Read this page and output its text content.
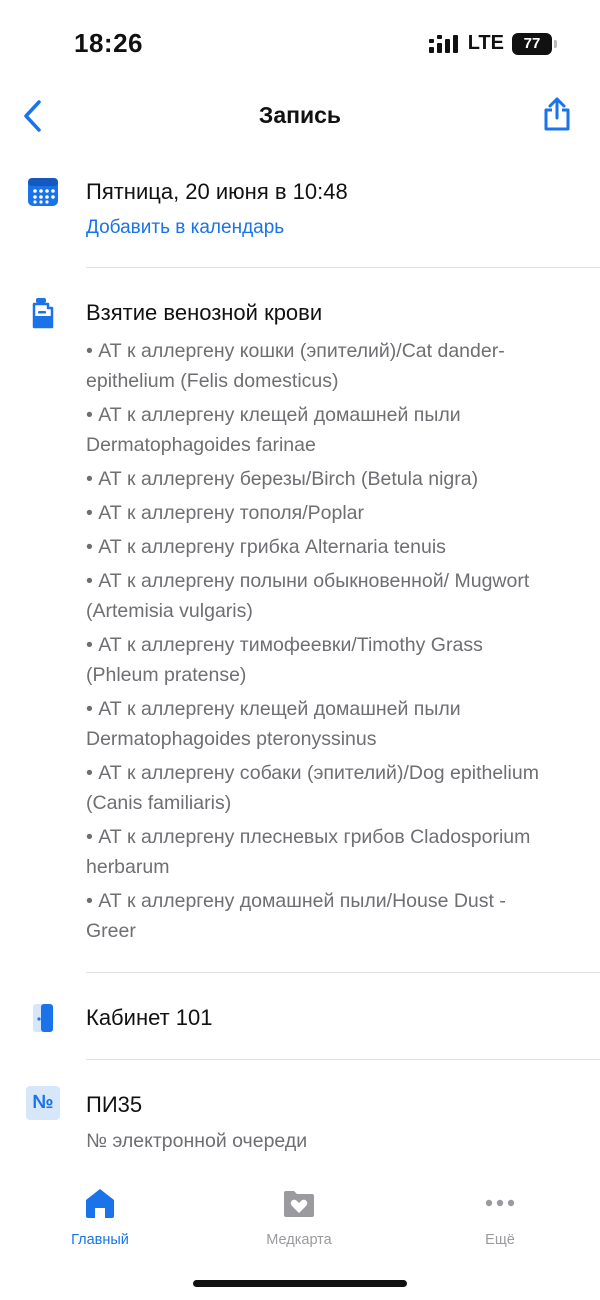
18:26	LTE 77
Запись
Пятница, 20 июня в 10:48
Добавить в календарь
Взятие венозной крови
• АТ к аллергену кошки (эпителий)/Cat dander-epithelium (Felis domesticus)
• АТ к аллергену клещей домашней пыли Dermatophagoides farinae
• АТ к аллергену березы/Birch (Betula nigra)
• АТ к аллергену тополя/Poplar
• АТ к аллергену грибка Alternaria tenuis
• АТ к аллергену полыни обыкновенной/ Mugwort (Artemisia vulgaris)
• АТ к аллергену тимофеевки/Timothy Grass (Phleum pratense)
• АТ к аллергену клещей домашней пыли Dermatophagoides pteronyssinus
• АТ к аллергену собаки (эпителий)/Dog epithelium (Canis familiaris)
• АТ к аллергену плесневых грибов Cladosporium herbarum
• АТ к аллергену домашней пыли/House Dust - Greer
Кабинет 101
№ ПИ35
№ электронной очереди
Главный	Медкарта	Ещё
